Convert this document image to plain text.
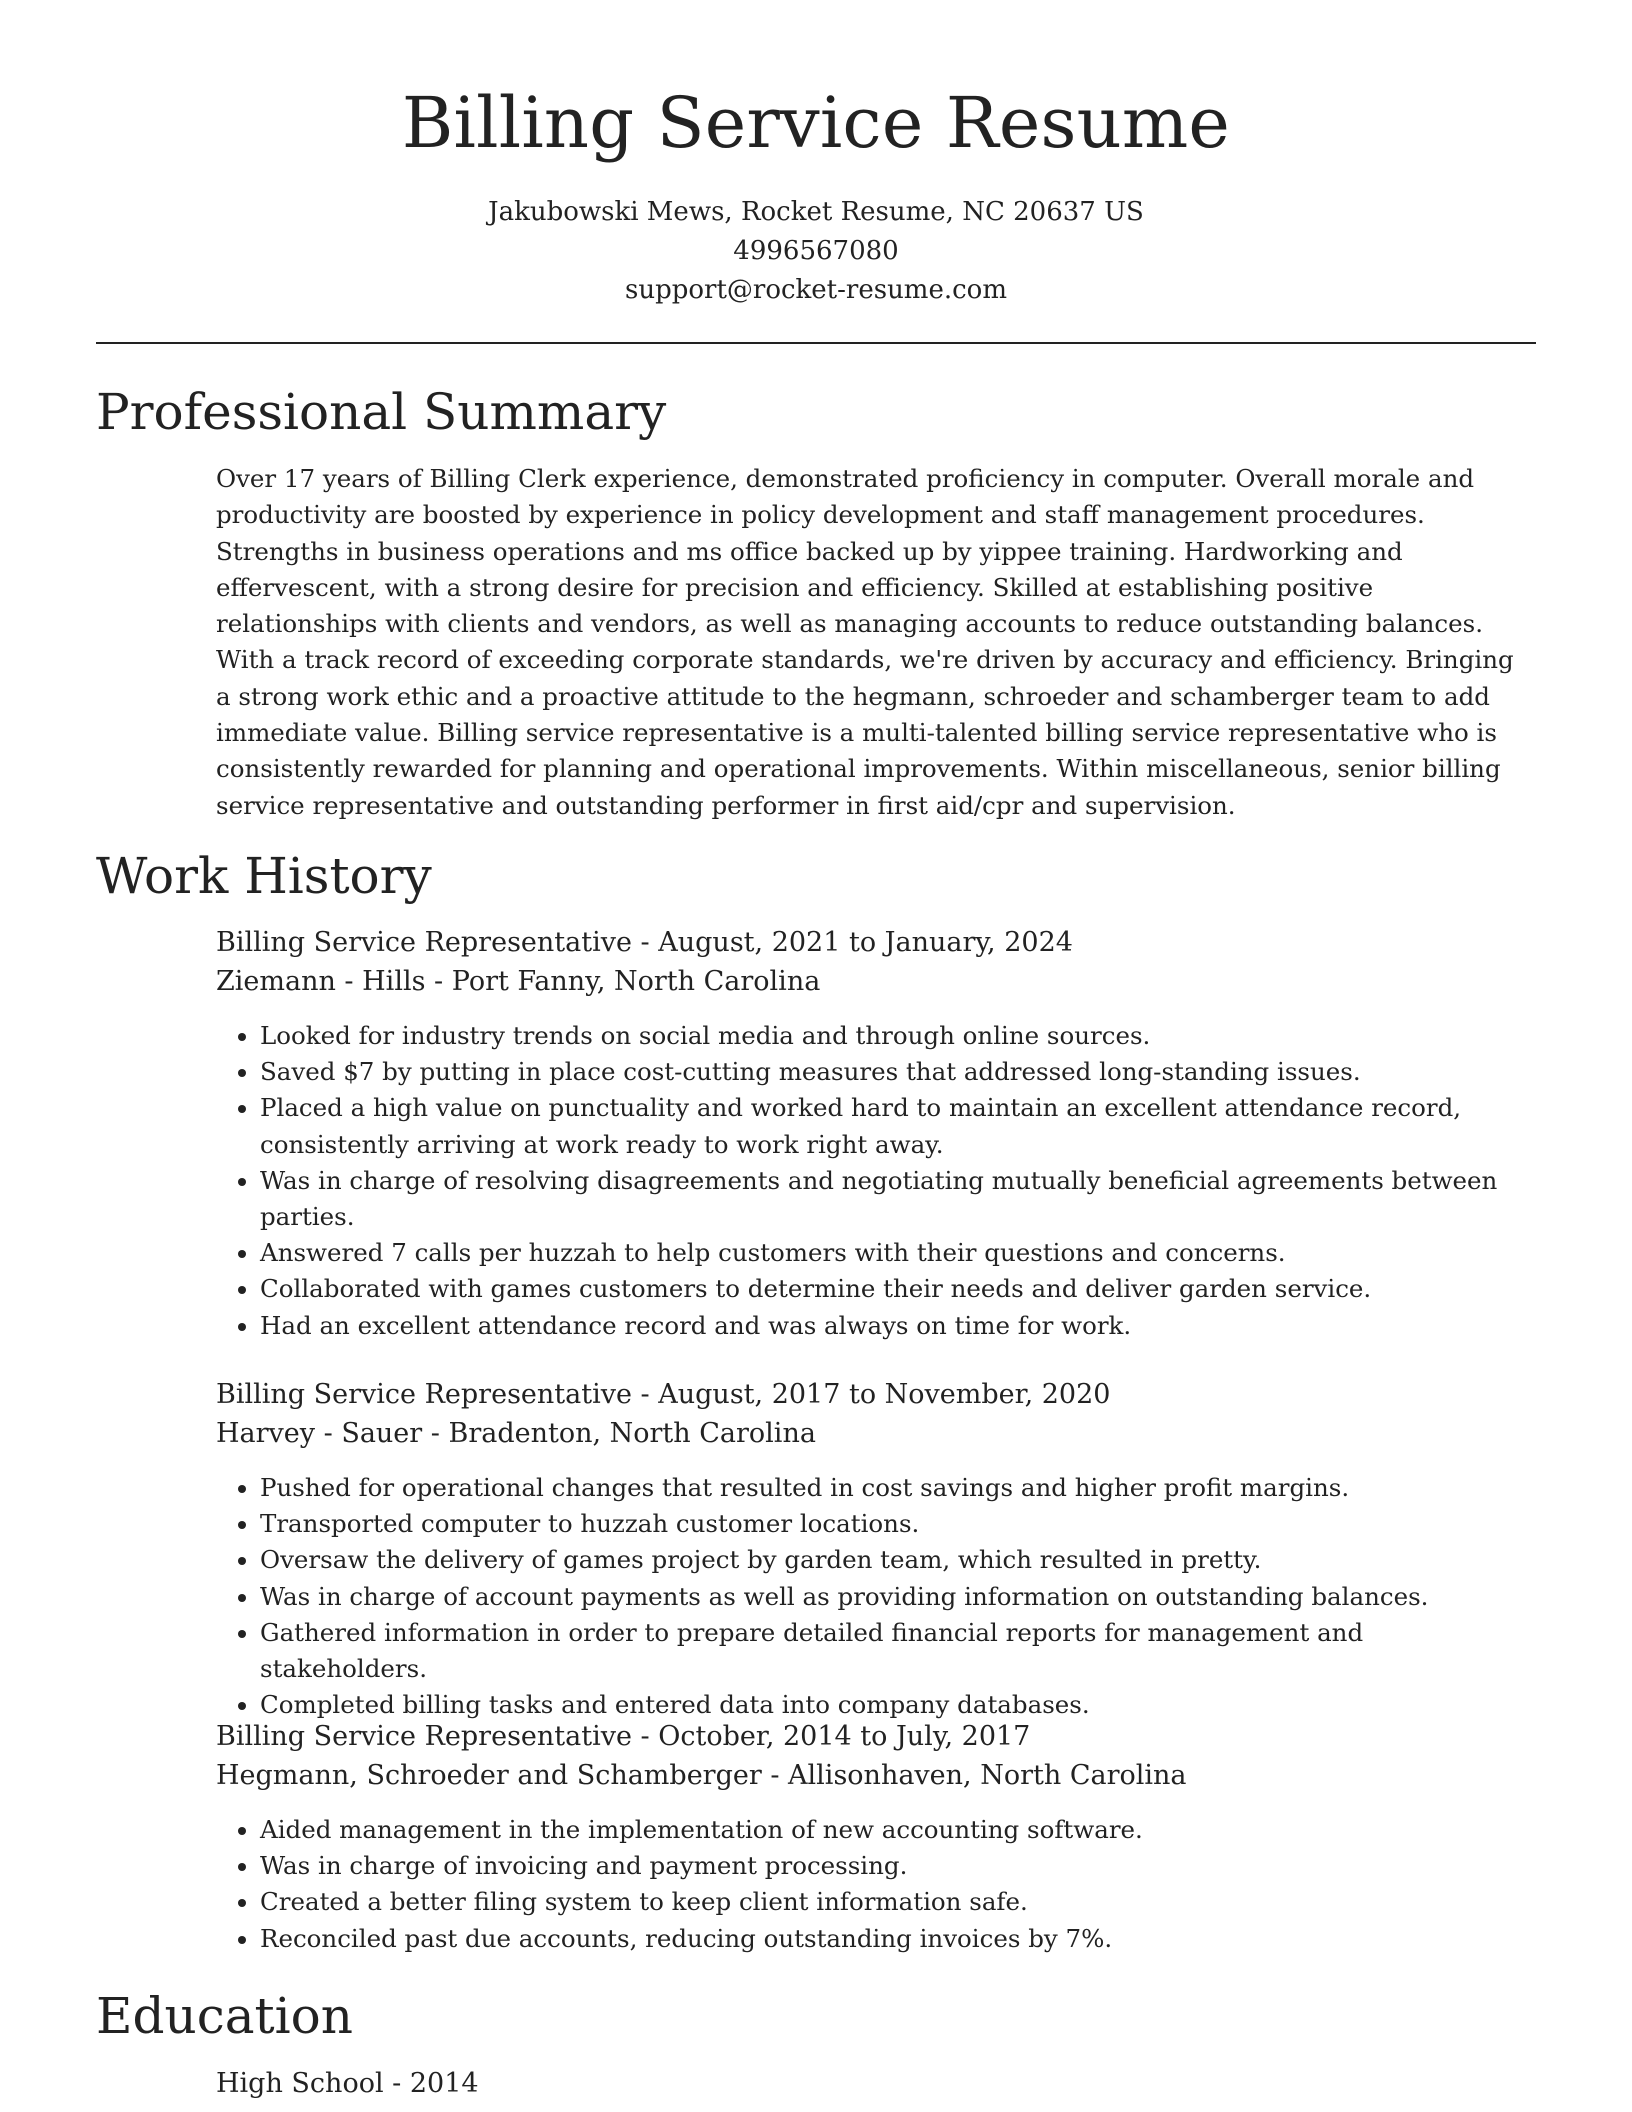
Billing Service Resume
Jakubowski Mews, Rocket Resume, NC 20637 US
4996567080
support@rocket-resume.com
Professional Summary

Over 17 years of Billing Clerk experience, demonstrated proficiency in computer. Overall morale and productivity are boosted by experience in policy development and staff management procedures. Strengths in business operations and ms office backed up by yippee training. Hardworking and effervescent, with a strong desire for precision and efficiency. Skilled at establishing positive relationships with clients and vendors, as well as managing accounts to reduce outstanding balances. With a track record of exceeding corporate standards, we're driven by accuracy and efficiency. Bringing a strong work ethic and a proactive attitude to the hegmann, schroeder and schamberger team to add immediate value. Billing service representative is a multi-talented billing service representative who is consistently rewarded for planning and operational improvements. Within miscellaneous, senior billing service representative and outstanding performer in first aid/cpr and supervision.

Work History
Billing Service Representative - August, 2021 to January, 2024
Ziemann - Hills - Port Fanny, North Carolina
• Looked for industry trends on social media and through online sources.
• Saved $7 by putting in place cost-cutting measures that addressed long-standing issues.
• Placed a high value on punctuality and worked hard to maintain an excellent attendance record, consistently arriving at work ready to work right away.
• Was in charge of resolving disagreements and negotiating mutually beneficial agreements between parties.
• Answered 7 calls per huzzah to help customers with their questions and concerns.
• Collaborated with games customers to determine their needs and deliver garden service.
• Had an excellent attendance record and was always on time for work.
Billing Service Representative - August, 2017 to November, 2020
Harvey - Sauer - Bradenton, North Carolina
• Pushed for operational changes that resulted in cost savings and higher profit margins.
• Transported computer to huzzah customer locations.
• Oversaw the delivery of games project by garden team, which resulted in pretty.
• Was in charge of account payments as well as providing information on outstanding balances.
• Gathered information in order to prepare detailed financial reports for management and stakeholders.
• Completed billing tasks and entered data into company databases.
Billing Service Representative - October, 2014 to July, 2017
Hegmann, Schroeder and Schamberger - Allisonhaven, North Carolina
• Aided management in the implementation of new accounting software.
• Was in charge of invoicing and payment processing.
• Created a better filing system to keep client information safe.
• Reconciled past due accounts, reducing outstanding invoices by 7%.
Education
High School - 2014
